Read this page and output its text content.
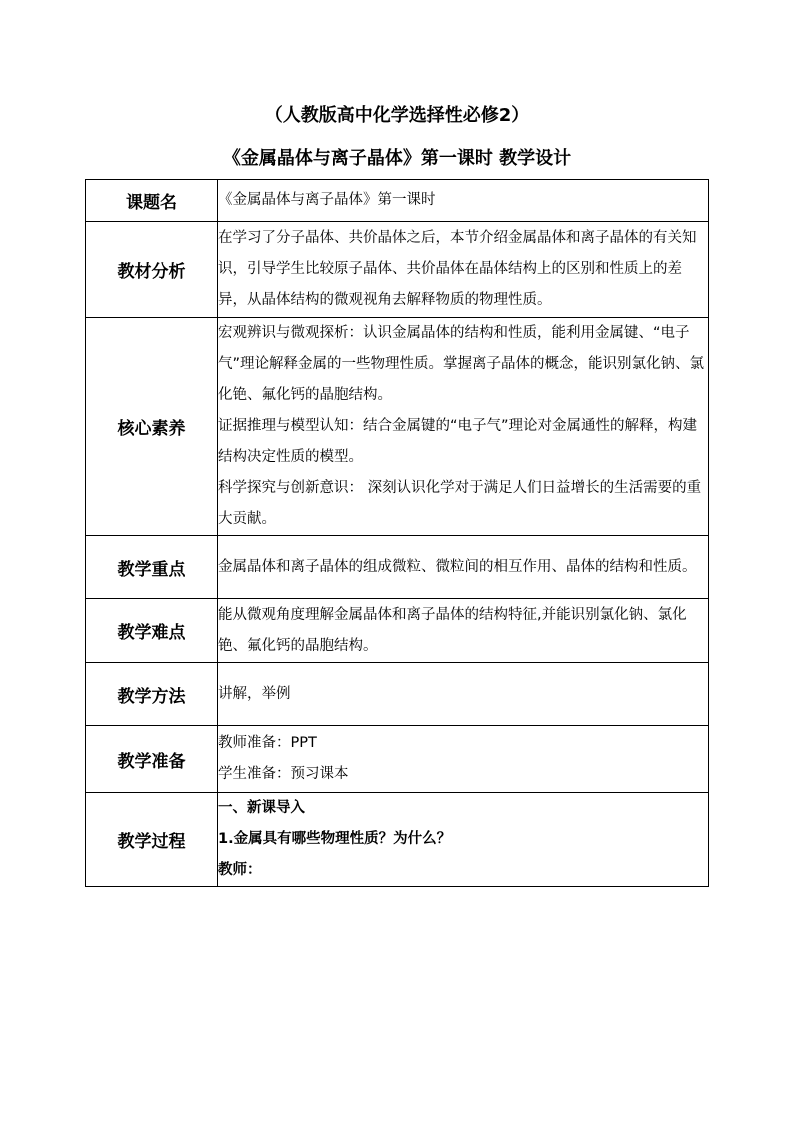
（人教版高中化学选择性必修2）
《金属晶体与离子晶体》第一课时 教学设计
课题名	《金属晶体与离子晶体》第一课时

教材分析	在学习了分子晶体、共价晶体之后，本节介绍金属晶体和离子晶体的有关知识，引导学生比较原子晶体、共价晶体在晶体结构上的区别和性质上的差异，从晶体结构的微观视角去解释物质的物理性质。

核心素养	宏观辨识与微观探析：认识金属晶体的结构和性质，能利用金属键、“电子气”理论解释金属的一些物理性质。掌握离子晶体的概念，能识别氯化钠、氯化铯、氟化钙的晶胞结构。

证据推理与模型认知：结合金属键的“电子气”理论对金属通性的解释，构建结构决定性质的模型。

科学探究与创新意识： 深刻认识化学对于满足人们日益增长的生活需要的重大贡献。

教学重点	金属晶体和离子晶体的组成微粒、微粒间的相互作用、晶体的结构和性质。

教学难点	能从微观角度理解金属晶体和离子晶体的结构特征,并能识别氯化钠、氯化铯、氟化钙的晶胞结构。

教学方法	讲解，举例

教学准备	教师准备：PPT

学生准备：预习课本

教学过程	一、新课导入

1.金属具有哪些物理性质？为什么？

教师：
